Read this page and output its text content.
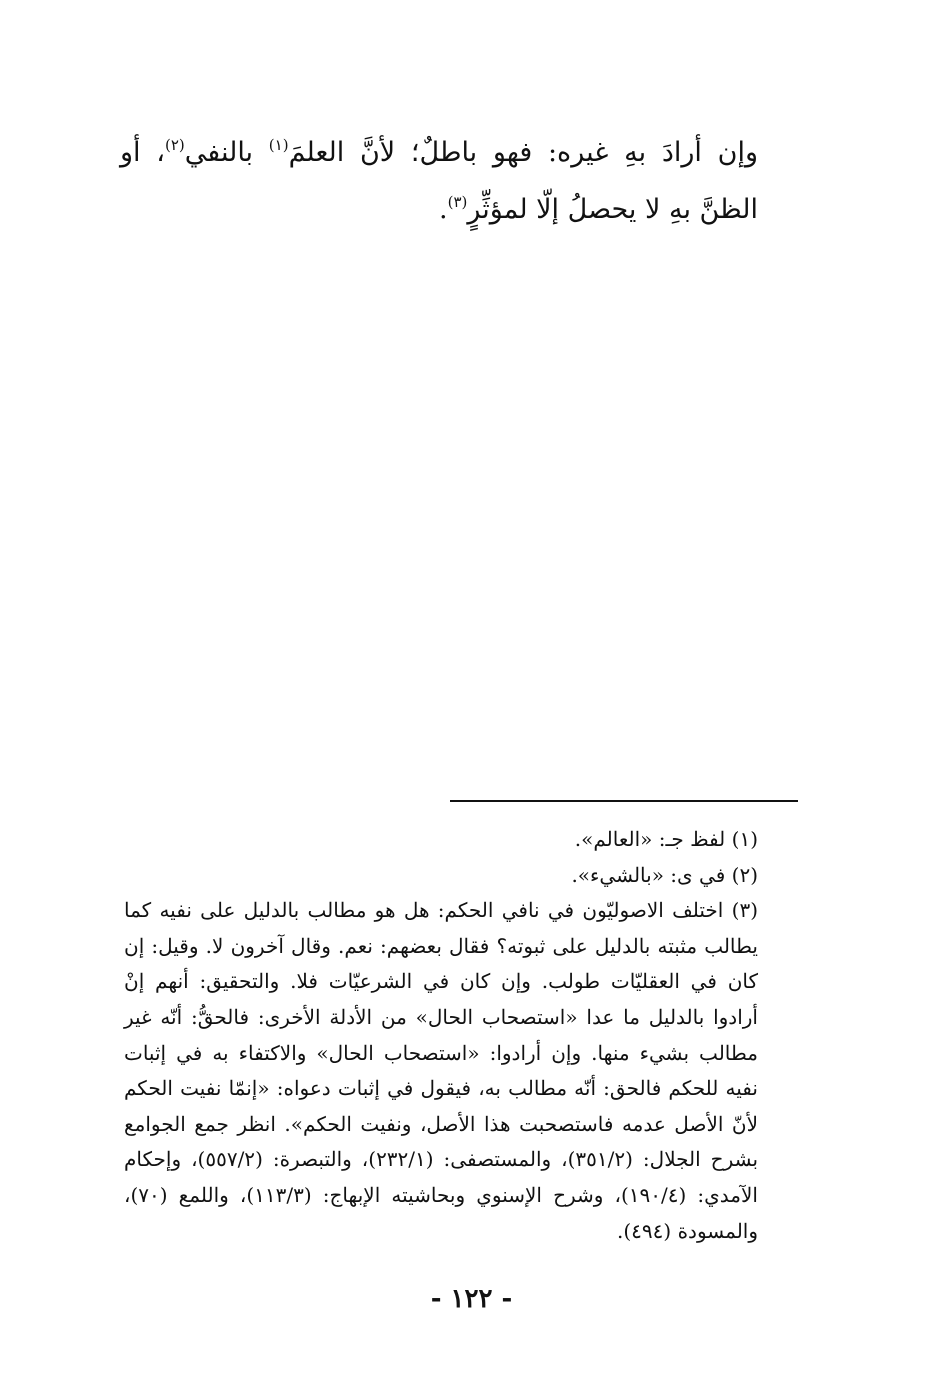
وإن أرادَ بهِ غيره: فهو باطلٌ؛ لأنَّ العلمَ$^{(١)}$ بالنفي$^{(٢)}$، أو الظنَّ بهِ لا يحصلُ إلّا لمؤثِّرٍ$^{(٣)}$.

(١) لفظ جـ: «العالم».

(٢) في ى: «بالشيء».

(٣) اختلف الاصوليّون في نافي الحكم: هل هو مطالب بالدليل على نفيه كما يطالب مثبته بالدليل على ثبوته؟ فقال بعضهم: نعم. وقال آخرون لا. وقيل: إن كان في العقليّات طولب. وإن كان في الشرعيّات فلا. والتحقيق: أنهم إنْ أرادوا بالدليل ما عدا «استصحاب الحال» من الأدلة الأخرى: فالحقُّ: أنّه غير مطالب بشيء منها. وإن أرادوا: «استصحاب الحال» والاكتفاء به في إثبات نفيه للحكم فالحق: أنّه مطالب به، فيقول في إثبات دعواه: «إنمّا نفيت الحكم لأنّ الأصل عدمه فاستصحبت هذا الأصل، ونفيت الحكم». انظر جمع الجوامع بشرح الجلال: (٣٥١/٢)، والمستصفى: (٢٣٢/١)، والتبصرة: (٥٥٧/٢)، وإحكام الآمدي: (١٩٠/٤)، وشرح الإسنوي وبحاشيته الإبهاج: (١١٣/٣)، واللمع (٧٠)، والمسودة (٤٩٤).

- ١٢٢ -
